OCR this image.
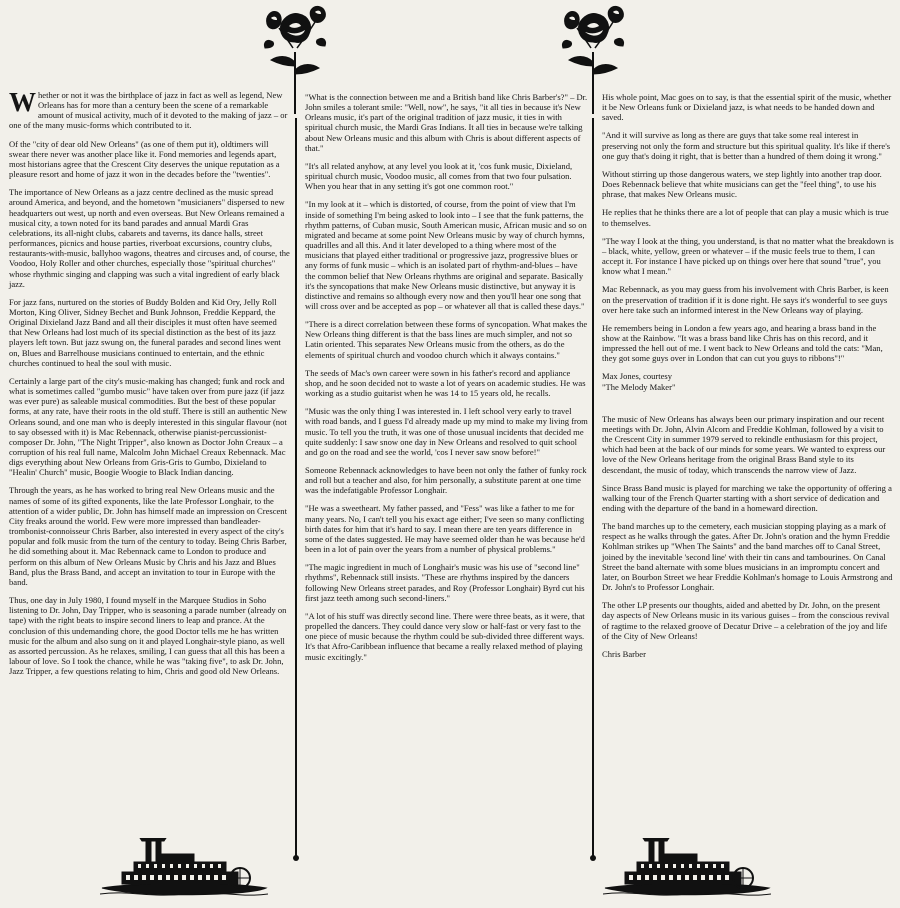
Whether or not it was the birthplace of jazz in fact as well as legend, New Orleans has for more than a century been the scene of a remarkable amount of musical activity, much of it devoted to the making of jazz – or one of the many music-forms which contributed to it.

Of the "city of dear old New Orleans" (as one of them put it), oldtimers will swear there never was another place like it. Fond memories and legends apart, most historians agree that the Crescent City deserves the unique reputation as a pleasure resort and home of jazz it won in the decades before the "twenties".

The importance of New Orleans as a jazz centre declined as the music spread around America, and beyond, and the hometown "musicianers" dispersed to new headquarters out west, up north and even overseas. But New Orleans remained a musical city, a town noted for its band parades and annual Mardi Gras celebrations, its all-night clubs, cabarets and taverns, its dance halls, street performances, picnics and house parties, riverboat excursions, country clubs, restaurants-with-music, ballyhoo wagons, theatres and circuses and, of course, the Voodoo, Holy Roller and other churches, especially those "spiritual churches" whose rhythmic singing and clapping was such a vital ingredient of early black jazz.

For jazz fans, nurtured on the stories of Buddy Bolden and Kid Ory, Jelly Roll Morton, King Oliver, Sidney Bechet and Bunk Johnson, Freddie Keppard, the Original Dixieland Jazz Band and all their disciples it must often have seemed that New Orleans had lost much of its special distinction as the best of its jazz players left town. But jazz swung on, the funeral parades and second lines went on, Blues and Barrelhouse musicians continued to entertain, and the ethnic churches continued to heal the soul with music.

Certainly a large part of the city's music-making has changed; funk and rock and what is sometimes called "gumbo music" have taken over from pure jazz (if jazz was ever pure) as saleable musical commodities. But the best of these popular forms, at any rate, have their roots in the old stuff. There is still an authentic New Orleans sound, and one man who is deeply interested in this singular flavour (not to say obsessed with it) is Mac Rebennack, otherwise pianist-percussionist-composer Dr. John, "The Night Tripper", also known as Doctor John Creaux – a corruption of his real full name, Malcolm John Michael Creaux Rebennack. Mac digs everything about New Orleans from Gris-Gris to Gumbo, Dixieland to "Healin' Church" music, Boogie Woogie to Black Indian dancing.

Through the years, as he has worked to bring real New Orleans music and the names of some of its gifted exponents, like the late Professor Longhair, to the attention of a wider public, Dr. John has himself made an impression on Crescent City freaks around the world. Few were more impressed than bandleader-trombonist-connoisseur Chris Barber, also interested in every aspect of the city's popular and folk music from the turn of the century to today. Being Chris Barber, he did something about it. Mac Rebennack came to London to produce and perform on this album of New Orleans Music by Chris and his Jazz and Blues Band, plus the Brass Band, and accept an invitation to tour in Europe with the band.

Thus, one day in July 1980, I found myself in the Marquee Studios in Soho listening to Dr. John, Day Tripper, who is seasoning a parade number (already on tape) with the right beats to inspire second liners to leap and prance. At the conclusion of this undemanding chore, the good Doctor tells me he has written music for the album and also sung on it and played Longhair-style piano, as well as assorted percussion. As he relaxes, smiling, I can guess that all this has been a labour of love. So I took the chance, while he was "taking five", to ask Dr. John, Jazz Tripper, a few questions relating to him, Chris and good old New Orleans.

"What is the connection between me and a British band like Chris Barber's?" – Dr. John smiles a tolerant smile: "Well, now", he says, "it all ties in because it's New Orleans music, it's part of the original tradition of jazz music, it ties in with spiritual church music, the Mardi Gras Indians. It all ties in because we're talking about New Orleans music and this album with Chris is about different aspects of that."

"It's all related anyhow, at any level you look at it, 'cos funk music, Dixieland, spiritual church music, Voodoo music, all comes from that two four pulsation. When you hear that in any setting it's got one common root."

"In my look at it – which is distorted, of course, from the point of view that I'm inside of something I'm being asked to look into – I see that the funk patterns, the rhythm patterns, of Cuban music, South American music, African music and so on migrated and became at some point New Orleans music by way of church hymns, quadrilles and all this. And it later developed to a thing where most of the musicians that played either traditional or progressive jazz, progressive blues or any forms of funk music – which is an isolated part of rhythm-and-blues – have the common belief that New Orleans rhythms are original and separate. Basically it's the syncopations that make New Orleans music distinctive, but anyway it is distinctive and remains so although every now and then you'll hear one song that will cross over and be accepted as pop – or whatever all that is called these days."

"There is a direct correlation between these forms of syncopation. What makes the New Orleans thing different is that the bass lines are much simpler, and not so Latin oriented. This separates New Orleans music from the others, as do the elements of spiritual church and voodoo church which it always contains."

The seeds of Mac's own career were sown in his father's record and appliance shop, and he soon decided not to waste a lot of years on academic studies. He was working as a studio guitarist when he was 14 to 15 years old, he recalls.

"Music was the only thing I was interested in. I left school very early to travel with road bands, and I guess I'd already made up my mind to make my living from music. To tell you the truth, it was one of those unusual incidents that decided me quite suddenly: I saw snow one day in New Orleans and resolved to quit school and go on the road and see the world, 'cos I never saw snow before!"

Someone Rebennack acknowledges to have been not only the father of funky rock and roll but a teacher and also, for him personally, a substitute parent at one time was the indefatigable Professor Longhair.

"He was a sweetheart. My father passed, and "Fess" was like a father to me for many years. No, I can't tell you his exact age either; I've seen so many conflicting birth dates for him that it's hard to say. I mean there are ten years difference in some of the dates suggested. He may have seemed older than he was because he'd been in a lot of pain over the years from a number of physical problems."

"The magic ingredient in much of Longhair's music was his use of "second line" rhythms", Rebennack still insists. "These are rhythms inspired by the dancers following New Orleans street parades, and Roy (Professor Longhair) Byrd cut his first jazz teeth among such second-liners."

"A lot of his stuff was directly second line. There were three beats, as it were, that propelled the dancers. They could dance very slow or half-fast or very fast to the one piece of music because the rhythm could be sub-divided three different ways. It's that Afro-Caribbean influence that became a really relaxed method of playing music excitingly."

His whole point, Mac goes on to say, is that the essential spirit of the music, whether it be New Orleans funk or Dixieland jazz, is what needs to be handed down and saved.

"And it will survive as long as there are guys that take some real interest in preserving not only the form and structure but this spiritual quality. It's like if there's one guy that's doing it right, that is better than a hundred of them doing it wrong."

Without stirring up those dangerous waters, we step lightly into another trap door. Does Rebennack believe that white musicians can get the "feel thing", to use his phrase, that makes New Orleans music.

He replies that he thinks there are a lot of people that can play a music which is true to themselves.

"The way I look at the thing, you understand, is that no matter what the breakdown is – black, white, yellow, green or whatever – if the music feels true to them, I can accept it. For instance I have picked up on things over here that sound "true", you know what I mean."

Mac Rebennack, as you may guess from his involvement with Chris Barber, is keen on the preservation of tradition if it is done right. He says it's wonderful to see guys over here take such an informed interest in the New Orleans way of playing.

He remembers being in London a few years ago, and hearing a brass band in the show at the Rainbow. "It was a brass band like Chris has on this record, and it impressed the hell out of me. I went back to New Orleans and told the cats: "Man, they got some guys over in London that can cut you guys to ribbons"!"

Max Jones, courtesy
"The Melody Maker"

The music of New Orleans has always been our primary inspiration and our recent meetings with Dr. John, Alvin Alcorn and Freddie Kohlman, followed by a visit to the Crescent City in summer 1979 served to rekindle enthusiasm for this project, which had been at the back of our minds for some years. We wanted to express our love of the New Orleans heritage from the original Brass Band style to its descendant, the music of today, which transcends the narrow view of Jazz.

Since Brass Band music is played for marching we take the opportunity of offering a walking tour of the French Quarter starting with a short service of dedication and ending with the departure of the band in a homeward direction.

The band marches up to the cemetery, each musician stopping playing as a mark of respect as he walks through the gates. After Dr. John's oration and the hymn Freddie Kohlman strikes up "When The Saints" and the band marches off to Canal Street, joined by the inevitable 'second line' with their tin cans and tambourines. On Canal Street the band alternate with some blues musicians in an impromptu concert and later, on Bourbon Street we hear Freddie Kohlman's homage to Louis Armstrong and Dr. John's to Professor Longhair.

The other LP presents our thoughts, aided and abetted by Dr. John, on the present day aspects of New Orleans music in its various guises – from the conscious revival of ragtime to the relaxed groove of Decatur Drive – a celebration of the joy and life of the City of New Orleans!

Chris Barber
